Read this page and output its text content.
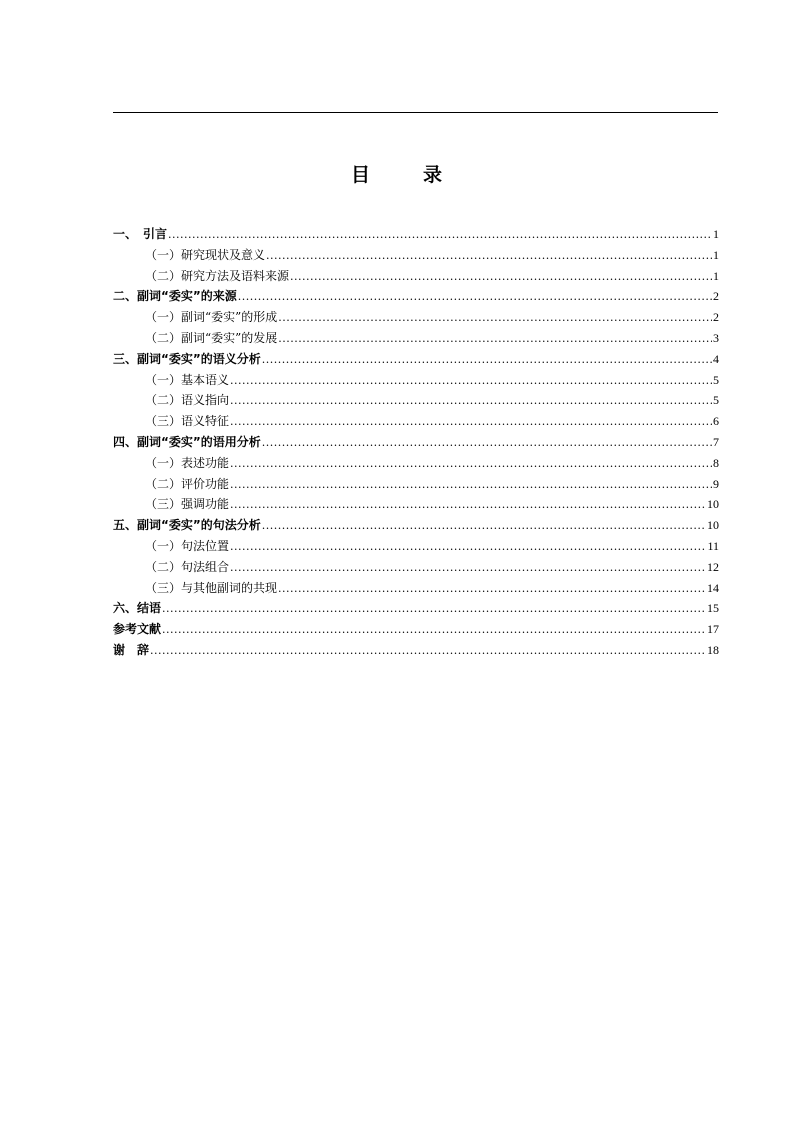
目　录
一、　引言 .....	1
（一）研究现状及意义 .....	1
（二）研究方法及语料来源 .....	1
二、副词“委实”的来源 .....	2
（一）副词“委实”的形成 .....	2
（二）副词“委实”的发展 .....	3
三、副词“委实”的语义分析 .....	4
（一）基本语义 .....	5
（二）语义指向 .....	5
（三）语义特征 .....	6
四、副词“委实”的语用分析 .....	7
（一）表述功能 .....	8
（二）评价功能 .....	9
（三）强调功能 .....	10
五、副词“委实”的句法分析 .....	10
（一）句法位置 .....	11
（二）句法组合 .....	12
（三）与其他副词的共现 .....	14
六、结语 .....	15
参考文献 .....	17
谢　辞 .....	18
